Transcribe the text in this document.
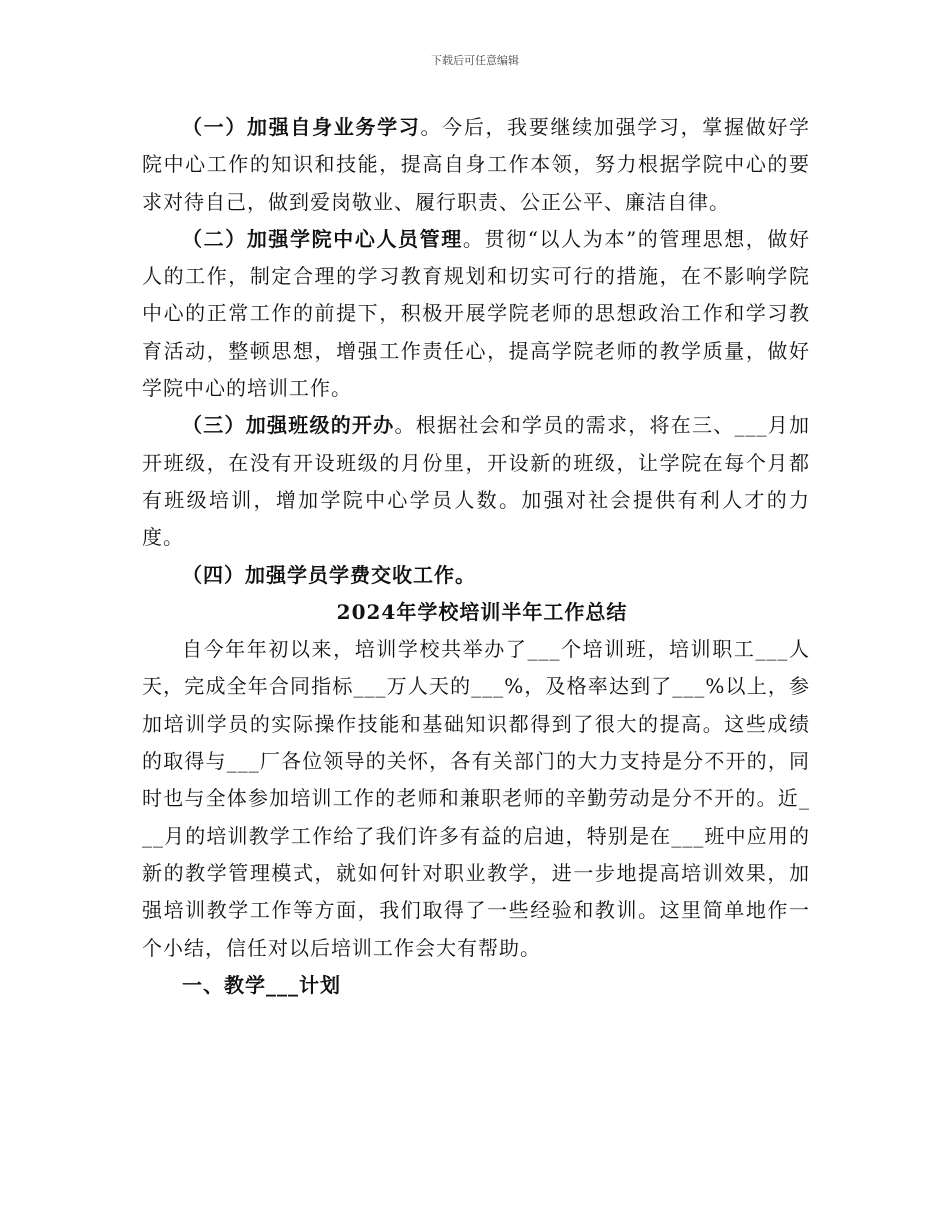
下载后可任意编辑

（一）加强自身业务学习。今后，我要继续加强学习，掌握做好学院中心工作的知识和技能，提高自身工作本领，努力根据学院中心的要求对待自己，做到爱岗敬业、履行职责、公正公平、廉洁自律。

（二）加强学院中心人员管理。贯彻“以人为本”的管理思想，做好人的工作，制定合理的学习教育规划和切实可行的措施，在不影响学院中心的正常工作的前提下，积极开展学院老师的思想政治工作和学习教育活动，整顿思想，增强工作责任心，提高学院老师的教学质量，做好学院中心的培训工作。

（三）加强班级的开办。根据社会和学员的需求，将在三、___月加开班级，在没有开设班级的月份里，开设新的班级，让学院在每个月都有班级培训，增加学院中心学员人数。加强对社会提供有利人才的力度。

（四）加强学员学费交收工作。

2024年学校培训半年工作总结

自今年年初以来，培训学校共举办了___个培训班，培训职工___人天，完成全年合同指标___万人天的___%，及格率达到了___%以上，参加培训学员的实际操作技能和基础知识都得到了很大的提高。这些成绩的取得与___厂各位领导的关怀，各有关部门的大力支持是分不开的，同时也与全体参加培训工作的老师和兼职老师的辛勤劳动是分不开的。近___月的培训教学工作给了我们许多有益的启迪，特别是在___班中应用的新的教学管理模式，就如何针对职业教学，进一步地提高培训效果，加强培训教学工作等方面，我们取得了一些经验和教训。这里简单地作一个小结，信任对以后培训工作会大有帮助。

一、教学___计划
